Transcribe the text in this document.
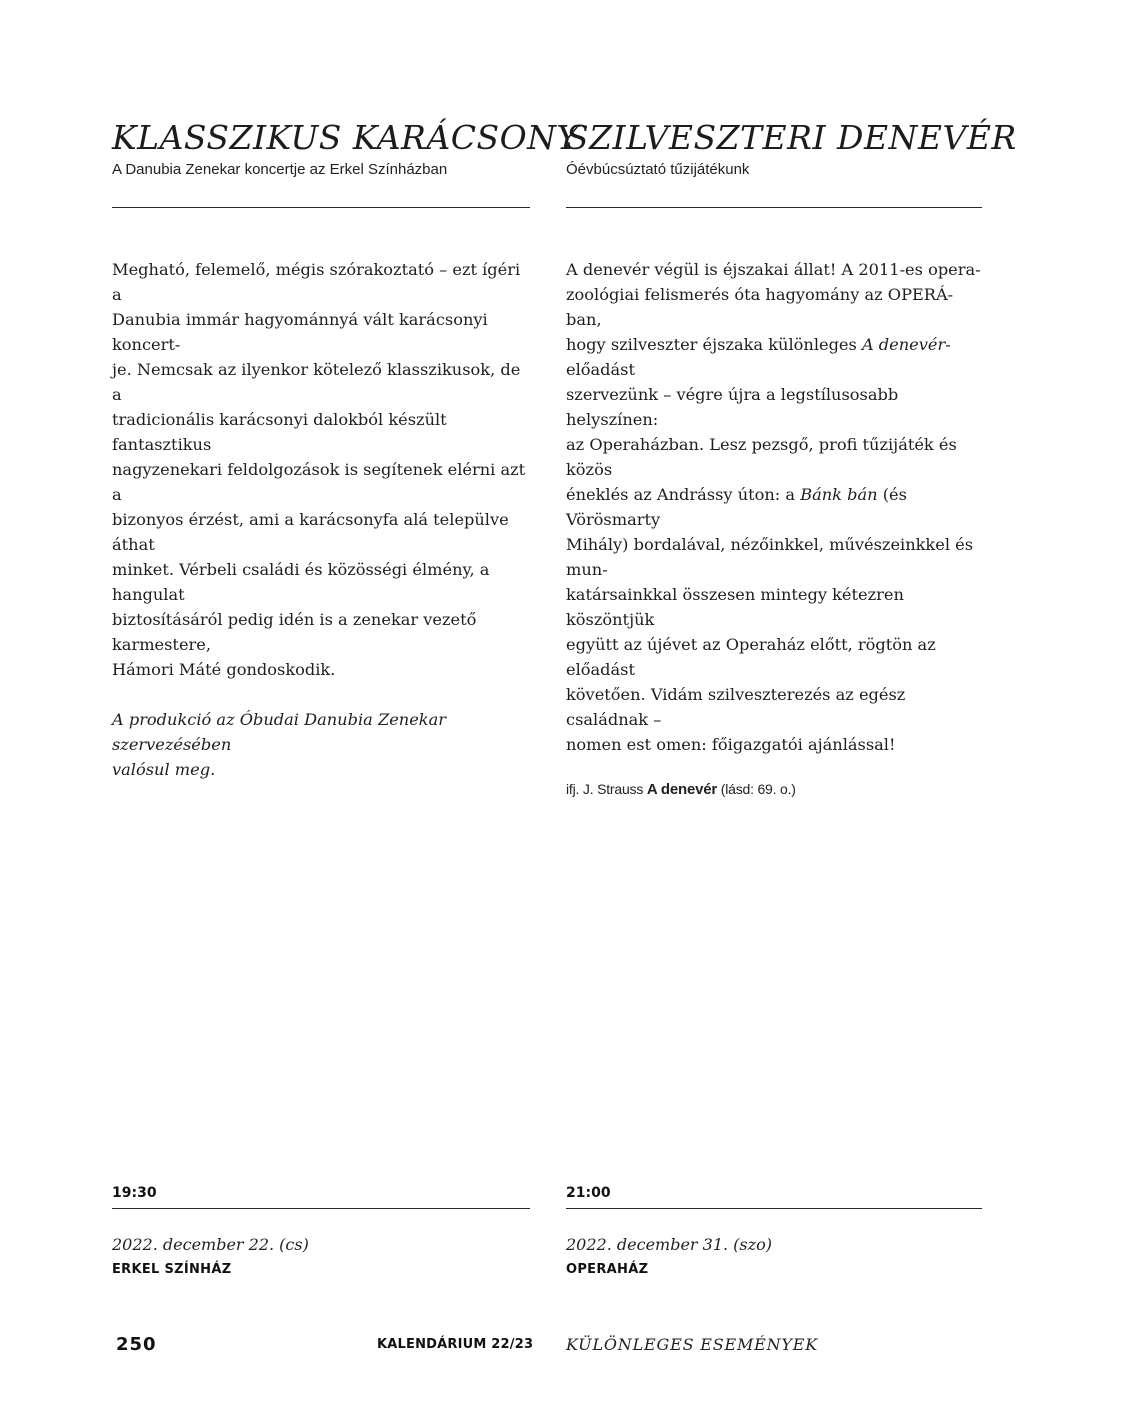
KLASSZIKUS KARÁCSONY
A Danubia Zenekar koncertje az Erkel Színházban

Megható, felemelő, mégis szórakoztató – ezt ígéri a
Danubia immár hagyománnyá vált karácsonyi koncert-
je. Nemcsak az ilyenkor kötelező klasszikusok, de a
tradicionális karácsonyi dalokból készült fantasztikus
nagyzenekari feldolgozások is segítenek elérni azt a
bizonyos érzést, ami a karácsonyfa alá települve áthat
minket. Vérbeli családi és közösségi élmény, a hangulat
biztosításáról pedig idén is a zenekar vezető karmestere,
Hámori Máté gondoskodik.

A produkció az Óbudai Danubia Zenekar szervezésében
valósul meg.

19:30
2022. december 22. (cs)
ERKEL SZÍNHÁZ
SZILVESZTERI DENEVÉR
Óévbúcsúztató tűzijátékunk

A denevér végül is éjszakai állat! A 2011-es opera-
zoológiai felismerés óta hagyomány az OPERÁ-ban,
hogy szilveszter éjszaka különleges A denevér-előadást
szervezünk – végre újra a legstílusosabb helyszínen:
az Operaházban. Lesz pezsgő, profi tűzijáték és közös
éneklés az Andrássy úton: a Bánk bán (és Vörösmarty
Mihály) bordalával, nézőinkkel, művészeinkkel és mun-
katársainkkal összesen mintegy kétezren köszöntjük
együtt az újévet az Operaház előtt, rögtön az előadást
követően. Vidám szilveszterezés az egész családnak –
nomen est omen: főigazgatói ajánlással!

ifj. J. Strauss A denevér (lásd: 69. o.)

21:00
2022. december 31. (szo)
OPERAHÁZ
250	KALENDÁRIUM 22/23 KÜLÖNLEGES ESEMÉNYEK
